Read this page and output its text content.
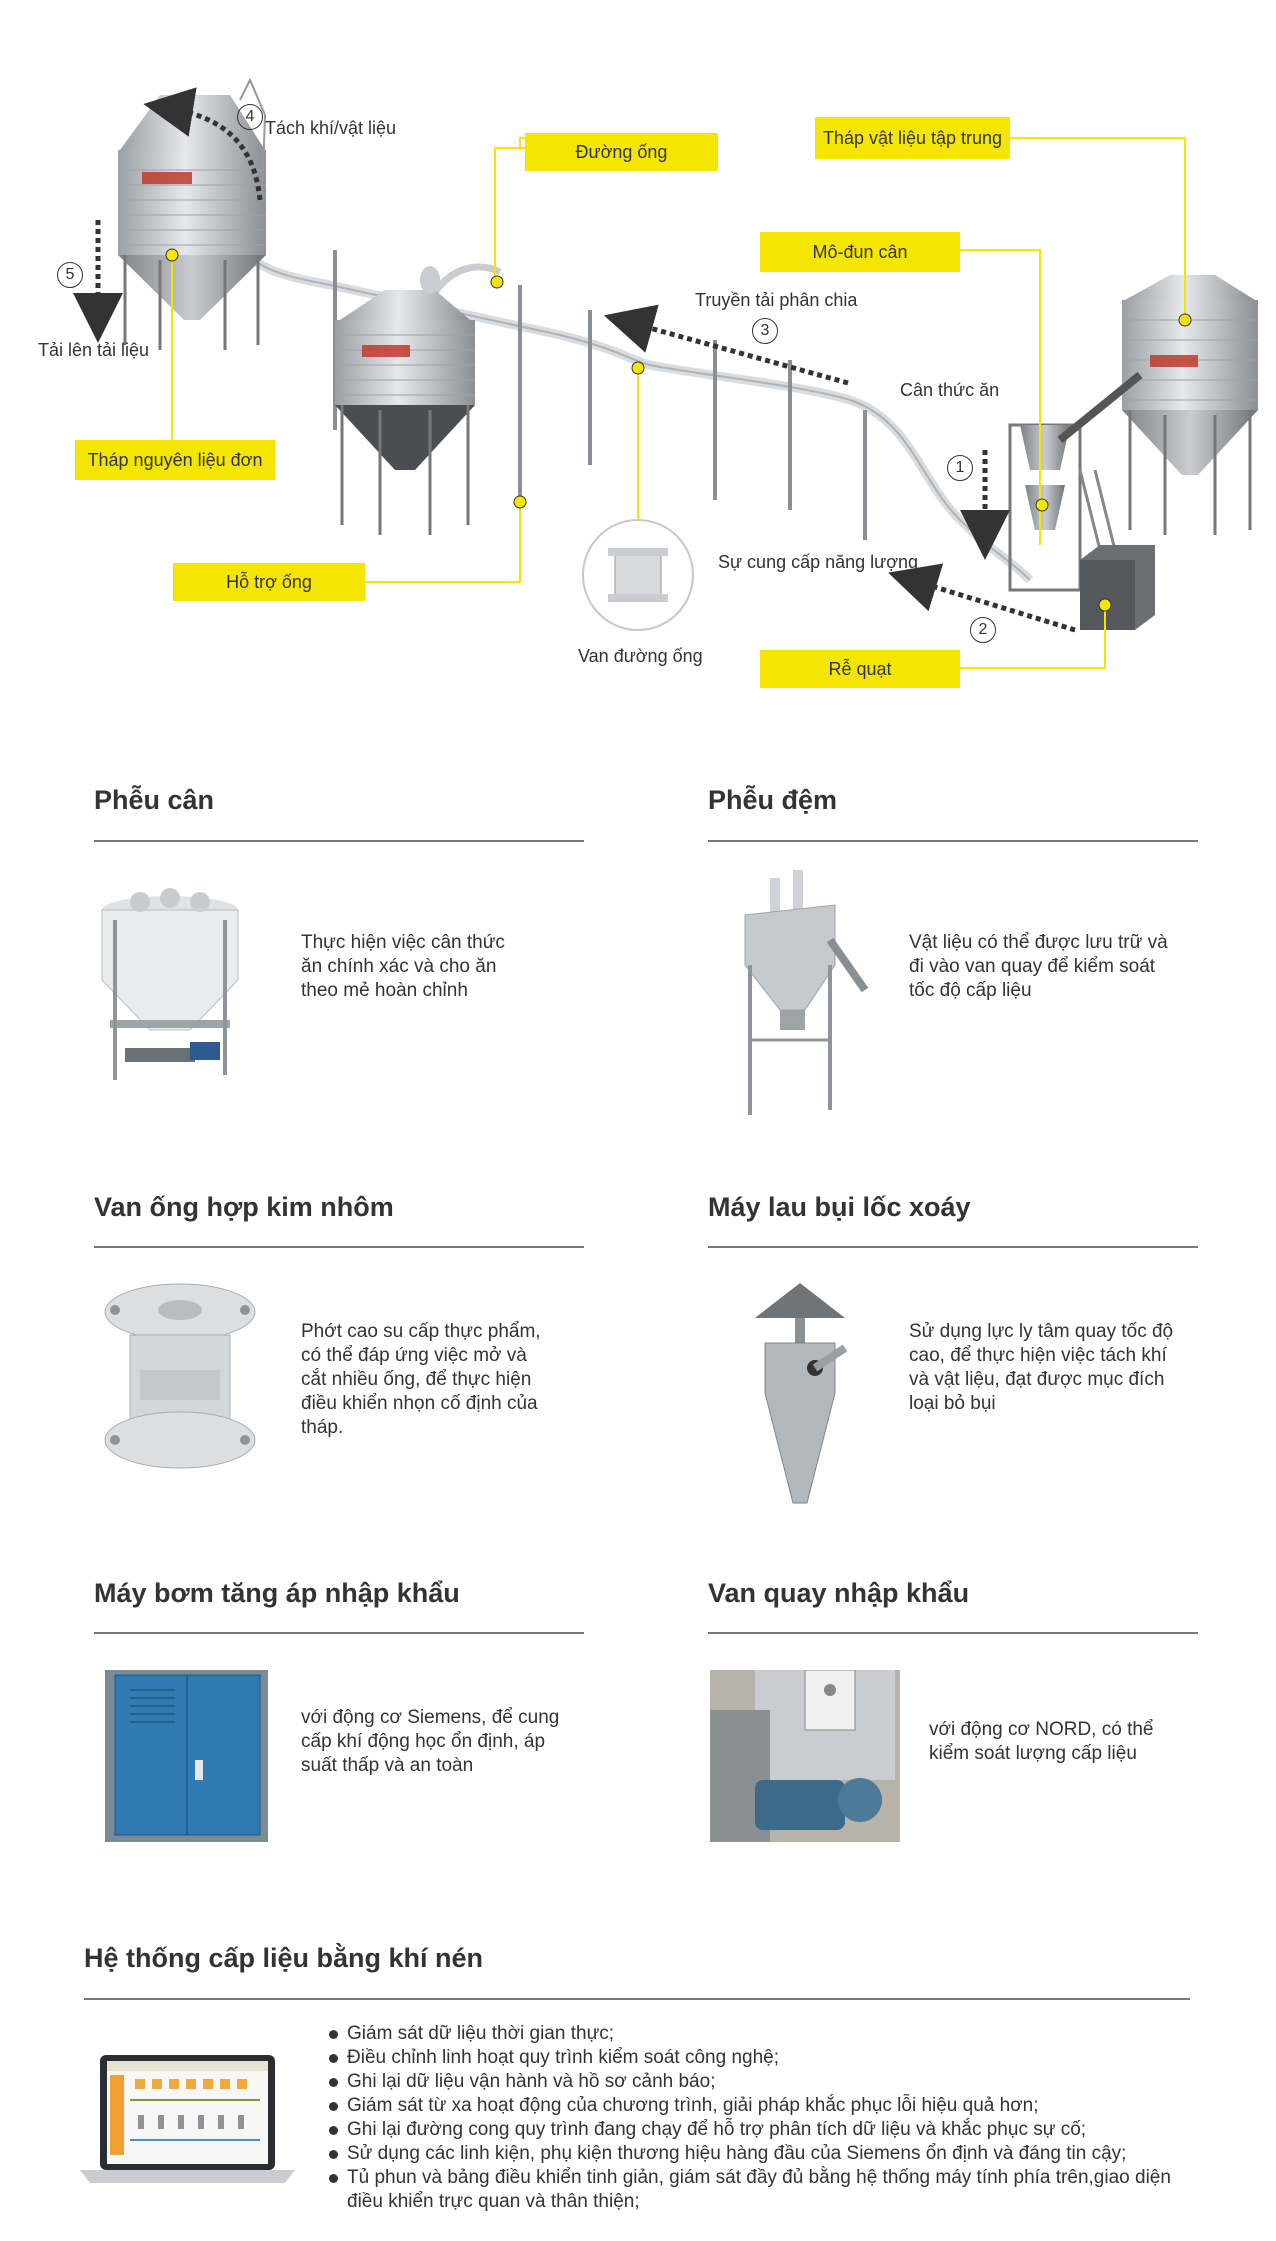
Đường ống
Tháp vật liệu tập trung
Mô-đun cân
Tháp nguyên liệu đơn
Hỗ trợ ống
Rễ quạt
Tách khí/vật liệu
Tải lên tải liệu
Truyền tải phân chia
Cân thức ăn
Sự cung cấp năng lượng
Van đường ống
4
5
3
1
2
Phễu cân
Thực hiện việc cân thức ăn chính xác và cho ăn theo mẻ hoàn chỉnh
Phễu đệm
Vật liệu có thể được lưu trữ và đi vào van quay để kiểm soát tốc độ cấp liệu
Van ống hợp kim nhôm
Phớt cao su cấp thực phẩm, có thể đáp ứng việc mở và cắt nhiều ống, để thực hiện điều khiển nhọn cố định của tháp.
Máy lau bụi lốc xoáy
Sử dụng lực ly tâm quay tốc độ cao, để thực hiện việc tách khí và vật liệu, đạt được mục đích loại bỏ bụi
Máy bơm tăng áp nhập khẩu
với động cơ Siemens, để cung cấp khí động học ổn định, áp suất thấp và an toàn
Van quay nhập khẩu
với động cơ NORD, có thể kiểm soát lượng cấp liệu
Hệ thống cấp liệu bằng khí nén
Giám sát dữ liệu thời gian thực;
Điều chỉnh linh hoạt quy trình kiểm soát công nghệ;
Ghi lại dữ liệu vận hành và hồ sơ cảnh báo;
Giám sát từ xa hoạt động của chương trình, giải pháp khắc phục lỗi hiệu quả hơn;
Ghi lại đường cong quy trình đang chạy để hỗ trợ phân tích dữ liệu và khắc phục sự cố;
Sử dụng các linh kiện, phụ kiện thương hiệu hàng đầu của Siemens ổn định và đáng tin cậy;
Tủ phun và bảng điều khiển tinh giản, giám sát đầy đủ bằng hệ thống máy tính phía trên,giao diện điều khiển trực quan và thân thiện;
